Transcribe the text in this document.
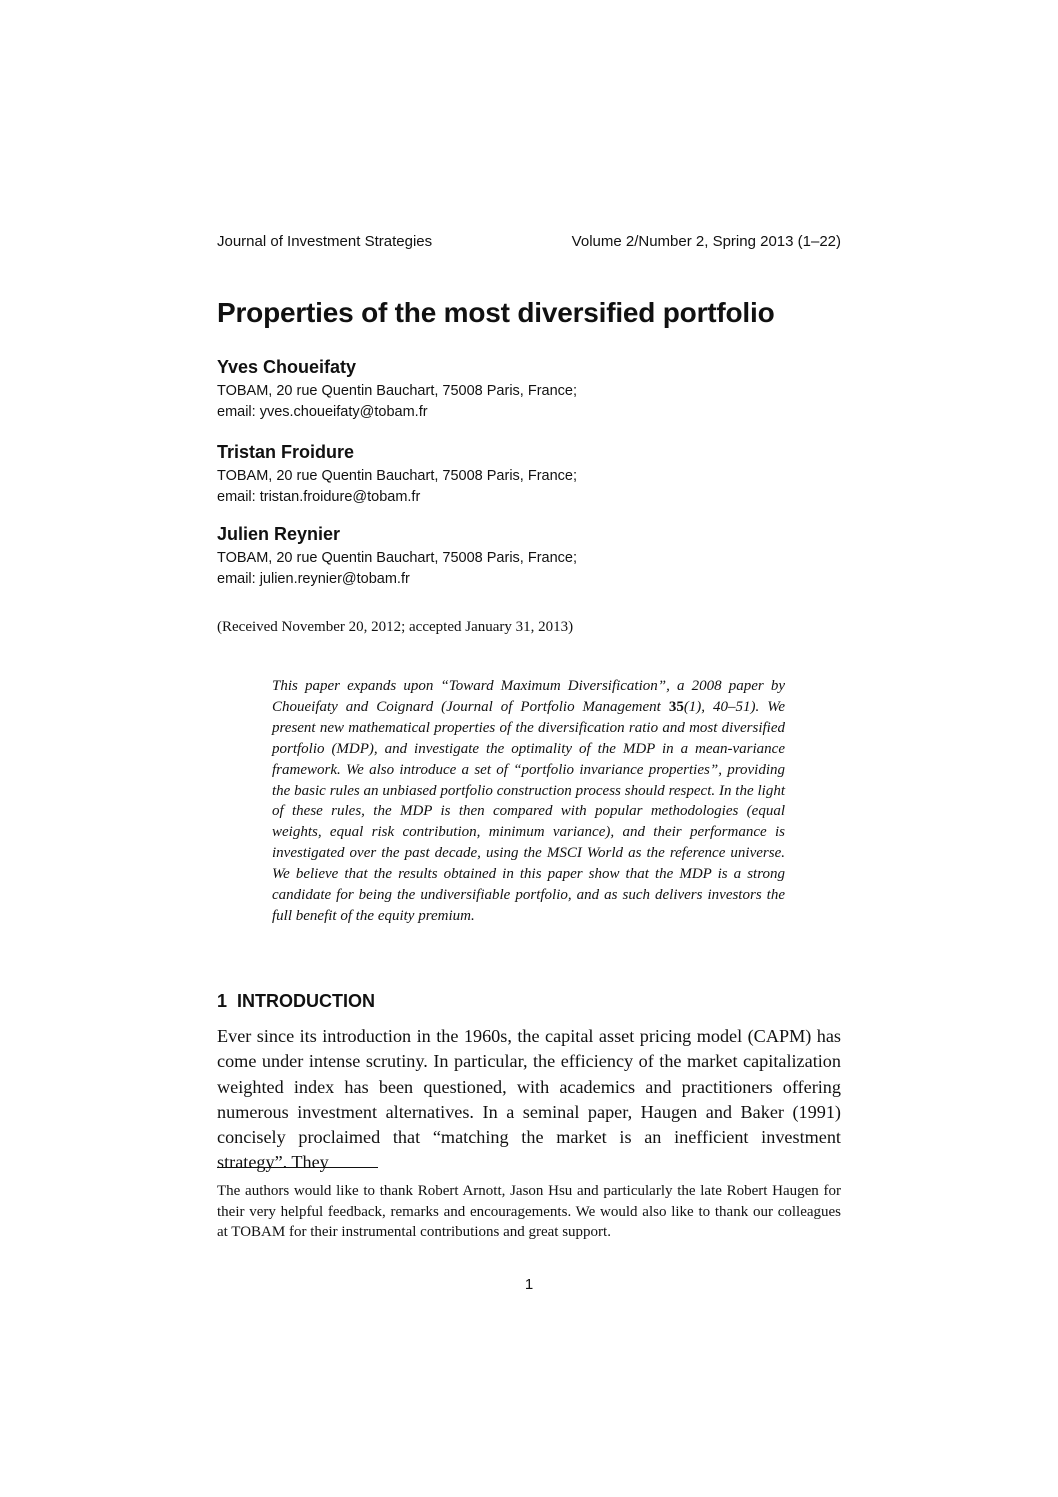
Journal of Investment Strategies	Volume 2/Number 2, Spring 2013 (1–22)
Properties of the most diversified portfolio

Yves Choueifaty

TOBAM, 20 rue Quentin Bauchart, 75008 Paris, France;

email: yves.choueifaty@tobam.fr

Tristan Froidure

TOBAM, 20 rue Quentin Bauchart, 75008 Paris, France;

email: tristan.froidure@tobam.fr

Julien Reynier

TOBAM, 20 rue Quentin Bauchart, 75008 Paris, France;

email: julien.reynier@tobam.fr

(Received November 20, 2012; accepted January 31, 2013)

This paper expands upon “Toward Maximum Diversification”, a 2008 paper by Choueifaty and Coignard (Journal of Portfolio Management 35(1), 40–51). We present new mathematical properties of the diversification ratio and most diversified portfolio (MDP), and investigate the optimality of the MDP in a mean-variance framework. We also introduce a set of “portfolio invariance properties”, providing the basic rules an unbiased portfolio construction process should respect. In the light of these rules, the MDP is then compared with popular methodologies (equal weights, equal risk contribution, minimum variance), and their performance is investigated over the past decade, using the MSCI World as the reference universe. We believe that the results obtained in this paper show that the MDP is a strong candidate for being the undiversifiable portfolio, and as such delivers investors the full benefit of the equity premium.

1 INTRODUCTION

Ever since its introduction in the 1960s, the capital asset pricing model (CAPM) has come under intense scrutiny. In particular, the efficiency of the market capitalization weighted index has been questioned, with academics and practitioners offering numerous investment alternatives. In a seminal paper, Haugen and Baker (1991) concisely proclaimed that “matching the market is an inefficient investment strategy”. They

The authors would like to thank Robert Arnott, Jason Hsu and particularly the late Robert Haugen for their very helpful feedback, remarks and encouragements. We would also like to thank our colleagues at TOBAM for their instrumental contributions and great support.

1
